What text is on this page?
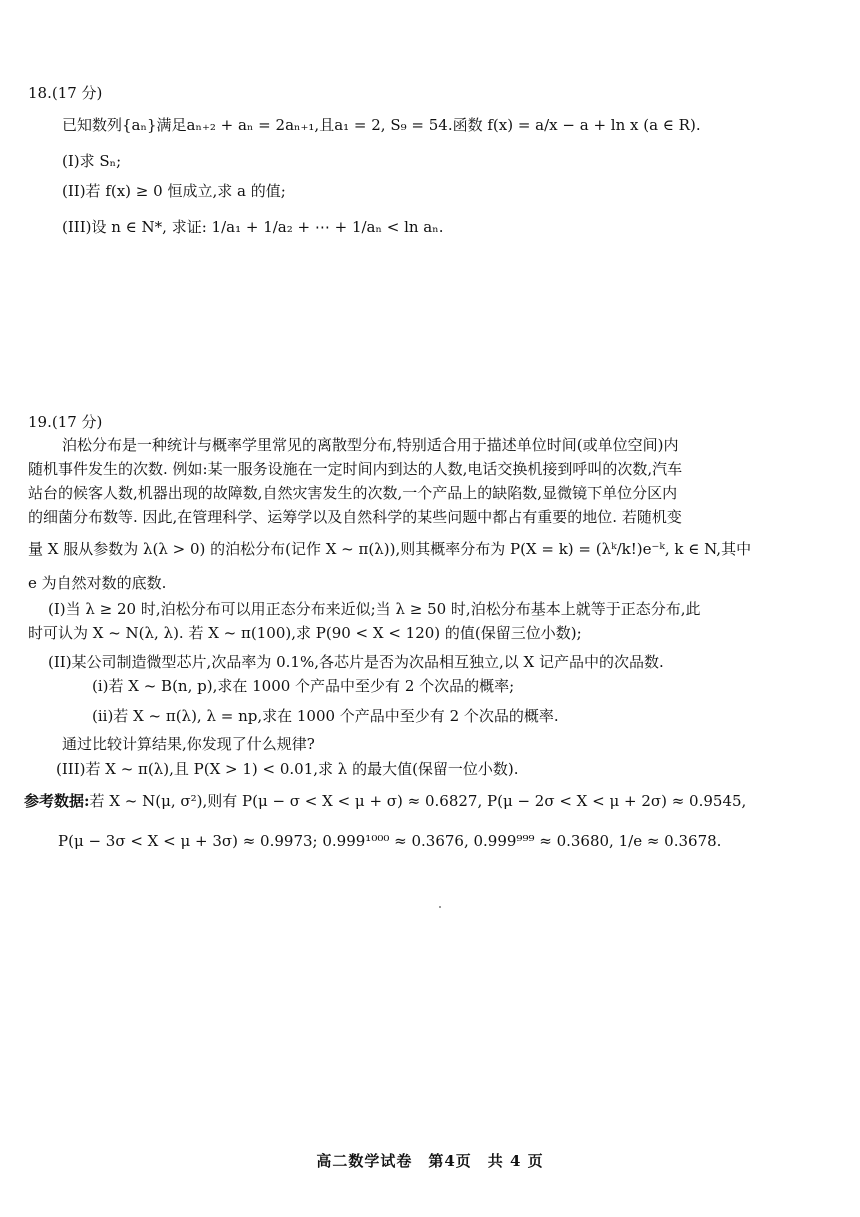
18.(17 分)
已知数列{aₙ}满足aₙ₊₂ + aₙ = 2aₙ₊₁,且a₁ = 2, S₉ = 54.函数 f(x) = a/x − a + ln x (a ∈ R).
(I)求 Sₙ;
(II)若 f(x) ≥ 0 恒成立,求 a 的值;
(III)设 n ∈ N*, 求证: 1/a₁ + 1/a₂ + ⋯ + 1/aₙ < ln aₙ.
19.(17 分)
泊松分布是一种统计与概率学里常见的离散型分布,特别适合用于描述单位时间(或单位空间)内
随机事件发生的次数. 例如:某一服务设施在一定时间内到达的人数,电话交换机接到呼叫的次数,汽车
站台的候客人数,机器出现的故障数,自然灾害发生的次数,一个产品上的缺陷数,显微镜下单位分区内
的细菌分布数等. 因此,在管理科学、运筹学以及自然科学的某些问题中都占有重要的地位. 若随机变
量 X 服从参数为 λ(λ > 0) 的泊松分布(记作 X ~ π(λ)),则其概率分布为 P(X = k) = (λᵏ/k!)e⁻ᵏ, k ∈ N,其中
e 为自然对数的底数.
(I)当 λ ≥ 20 时,泊松分布可以用正态分布来近似;当 λ ≥ 50 时,泊松分布基本上就等于正态分布,此
时可认为 X ~ N(λ, λ). 若 X ~ π(100),求 P(90 < X < 120) 的值(保留三位小数);
(II)某公司制造微型芯片,次品率为 0.1%,各芯片是否为次品相互独立,以 X 记产品中的次品数.
(i)若 X ~ B(n, p),求在 1000 个产品中至少有 2 个次品的概率;
(ii)若 X ~ π(λ), λ = np,求在 1000 个产品中至少有 2 个次品的概率.
通过比较计算结果,你发现了什么规律?
(III)若 X ~ π(λ),且 P(X > 1) < 0.01,求 λ 的最大值(保留一位小数).
参考数据:若 X ~ N(μ, σ²),则有 P(μ − σ < X < μ + σ) ≈ 0.6827, P(μ − 2σ < X < μ + 2σ) ≈ 0.9545,
P(μ − 3σ < X < μ + 3σ) ≈ 0.9973; 0.999¹⁰⁰⁰ ≈ 0.3676, 0.999⁹⁹⁹ ≈ 0.3680, 1/e ≈ 0.3678.
高二数学试卷　第4页　共 4 页
